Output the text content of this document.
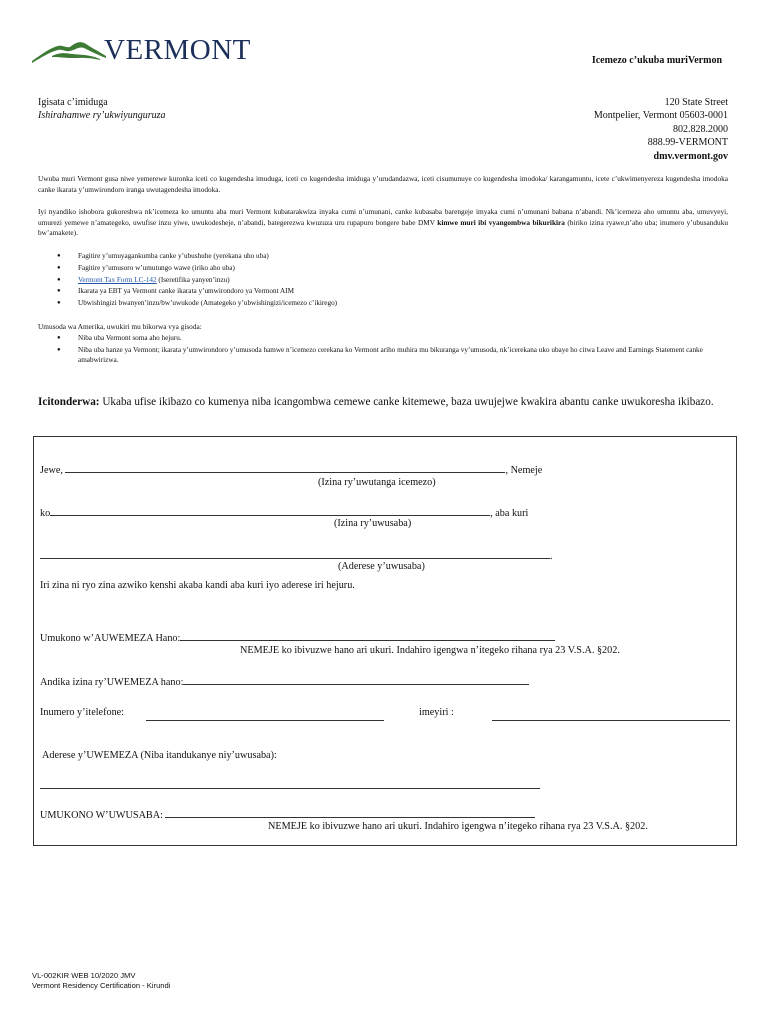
VERMONT	Icemezo c’ukuba muriVermon
Igisata c’imiduga
Ishirahamwe ry’ukwiyunguruza
120 State Street
Montpelier, Vermont 05603-0001
802.828.2000
888.99-VERMONT
dmv.vermont.gov
Uwuba muri Vermont gusa niwe yemerewe kuronka iceti co kugendesha imuduga, iceti co kugendesha imiduga y’urudandazwa, iceti cisumunuye co kugendesha imodoka/ karangamuntu, icete c’ukwimenyereza kugendesha imodoka canke ikarata y’umwirondoro iranga uwutagendesha imodoka.
Iyi nyandiko ishobora gukoreshwa nk’icemeza ko umuntu aba muri Vermont kubatarakwiza inyaka cumi n’umunani, canke kubasaba barengeje imyaka cumi n’umunani babana n’abandi. Nk’icemeza aho umuntu aba, umuvyeyi, umurezi yemewe n’amategeko, uwufise inzu yiwe, uwukodesheje, n’abandi, bategerezwa kwuzuza uru rupapuro bongere babe DMV kimwe muri ibi vyangombwa bikurikira (biriko izina ryawe,n’aho uba; inumero y’ubusanduku bw’amakete).
● Fagitire y’umuyagankumba canke y’ubushuhe (yerekana uho uba)
● Fagitire y’umusoro w’umutungo wawe (iriko aho uba)
● Vermont Tax Form LC-142 (Iseretifika yanyen’inzu)
● Ikarata ya EBT ya Vermont canke ikarata y’umwirondoro ya Vermont AIM
● Ubwishingizi bwanyen’inzu/bw’uwukode (Amategeko y’ubwishingizi/icemezo c’ikirego)
Umusoda wa Amerika, uwukiri mu bikorwa vya gisoda:
● Niba uba Vermont soma aho hejuru.
● Niba uba hanze ya Vermont; ikarata y’umwirondoro y’umusoda hamwe n’icemezo cerekana ko Vermont ariho muhira mu bikuranga vy’umusoda, nk’icerekana uko ubaye ho citwa Leave and Earnings Statement canke amabwirizwa.
Icitonderwa: Ukaba ufise ikibazo co kumenya niba icangombwa cemewe canke kitemewe, baza uwujejwe kwakira abantu canke uwukoresha ikibazo.
Jewe,	, Nemeje
(Izina ry’uwutanga icemezo)
ko	, aba kuri
(Izina ry’uwusaba)
.
(Aderese y’uwusaba)
Iri zina ni ryo zina azwiko kenshi akaba kandi aba kuri iyo aderese iri hejuru.
Umukono w’AUWEMEZA Hano:
NEMEJE ko ibivuzwe hano ari ukuri. Indahiro igengwa n’itegeko rihana rya 23 V.S.A. §202.
Andika izina ry’UWEMEZA hano:
Inumero y’itelefone:	imeyiri :
Aderese y’UWEMEZA (Niba itandukanye niy’uwusaba):
UMUKONO W’UWUSABA:
NEMEJE ko ibivuzwe hano ari ukuri. Indahiro igengwa n’itegeko rihana rya 23 V.S.A. §202.
VL-002KIR WEB 10/2020 JMV
Vermont Residency Certification - Kirundi
